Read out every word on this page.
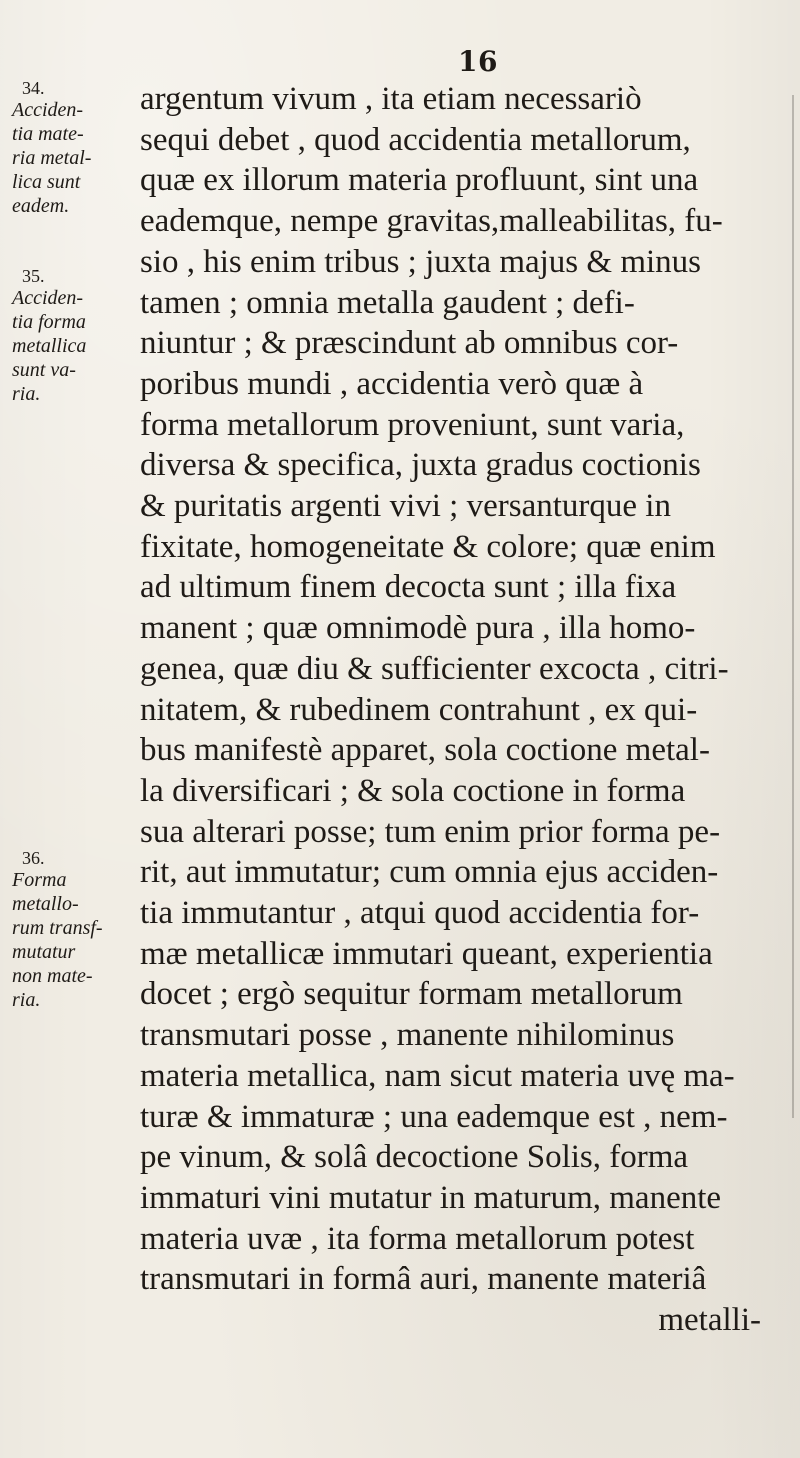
16
34.
Acciden-
tia mate-
ria metal-
lica sunt
eadem.
35.
Acciden-
tia forma
metallica
sunt va-
ria.
36.
Forma
metallo-
rum transf-
mutatur
non mate-
ria.
argentum vivum , ita etiam necessariò
sequi debet , quod accidentia metallorum,
quæ ex illorum materia profluunt, sint una
eademque, nempe gravitas,malleabilitas, fu-
sio , his enim tribus ; juxta majus & minus
tamen ; omnia metalla gaudent ; defi-
niuntur ; & præscindunt ab omnibus cor-
poribus mundi , accidentia verò quæ à
forma metallorum proveniunt, sunt varia,
diversa & specifica, juxta gradus coctionis
& puritatis argenti vivi ; versanturque in
fixitate, homogeneitate & colore; quæ enim
ad ultimum finem decocta sunt ; illa fixa
manent ; quæ omnimodè pura , illa homo-
genea, quæ diu & sufficienter excocta , citri-
nitatem, & rubedinem contrahunt , ex qui-
bus manifestè apparet, sola coctione metal-
la diversificari ; & sola coctione in forma
sua alterari posse; tum enim prior forma pe-
rit, aut immutatur; cum omnia ejus acciden-
tia immutantur , atqui quod accidentia for-
mæ metallicæ immutari queant, experientia
docet ; ergò sequitur formam metallorum
transmutari posse , manente nihilominus
materia metallica, nam sicut materia uvę ma-
turæ & immaturæ ; una eademque est , nem-
pe vinum, & solâ decoctione Solis, forma
immaturi vini mutatur in maturum, manente
materia uvæ , ita forma metallorum potest
transmutari in formâ auri, manente materiâ
metalli-
